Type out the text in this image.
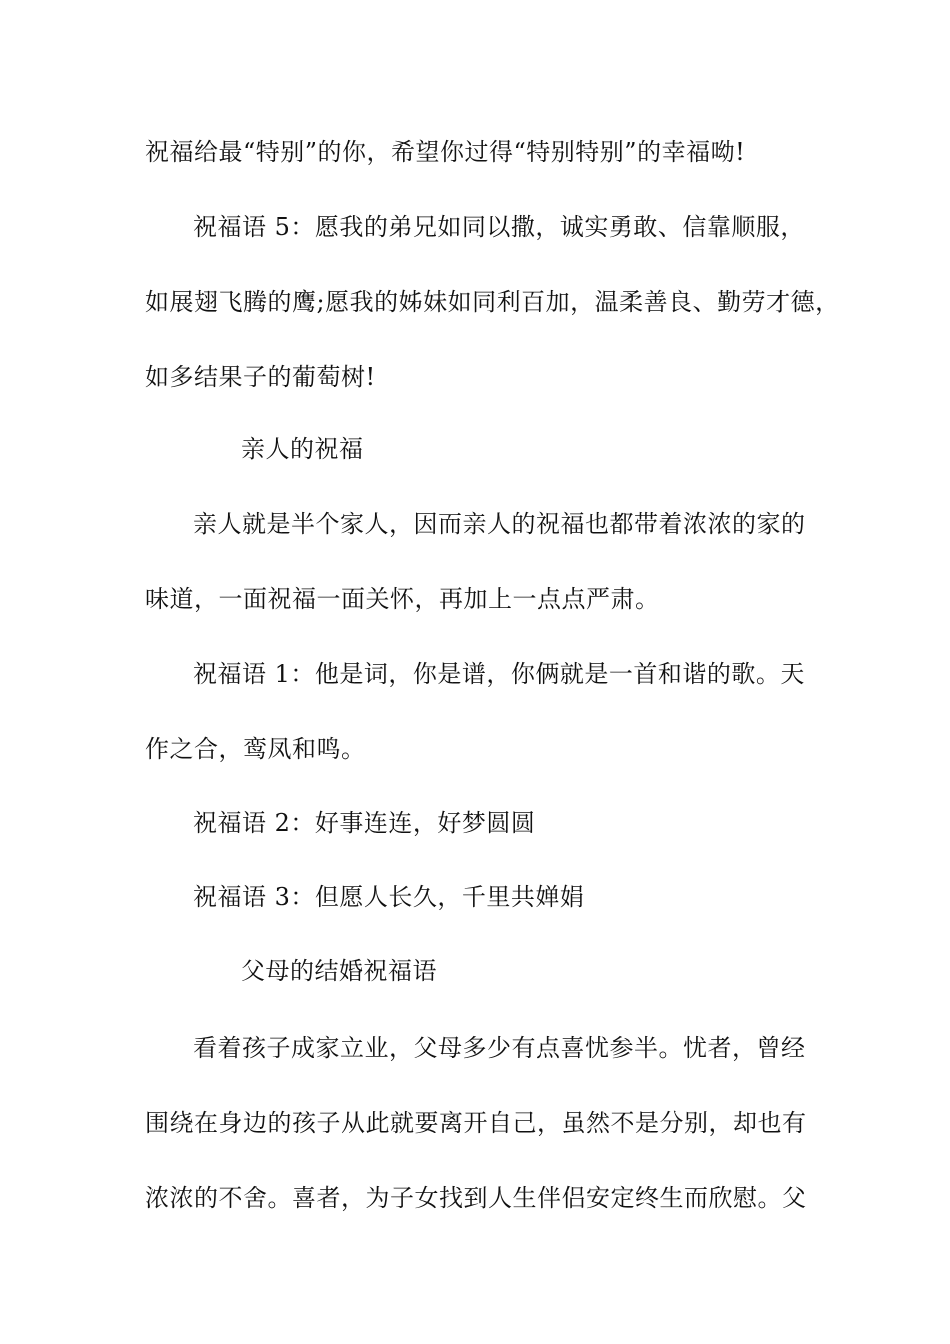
祝福给最“特别”的你，希望你过得“特别特别”的幸福呦!
祝福语 5：愿我的弟兄如同以撒，诚实勇敢、信靠顺服，
如展翅飞腾的鹰;愿我的姊妹如同利百加，温柔善良、勤劳才德，
如多结果子的葡萄树!
亲人的祝福
亲人就是半个家人，因而亲人的祝福也都带着浓浓的家的
味道，一面祝福一面关怀，再加上一点点严肃。
祝福语 1：他是词，你是谱，你俩就是一首和谐的歌。天
作之合，鸾凤和鸣。
祝福语 2：好事连连，好梦圆圆
祝福语 3：但愿人长久，千里共婵娟
父母的结婚祝福语
看着孩子成家立业，父母多少有点喜忧参半。忧者，曾经
围绕在身边的孩子从此就要离开自己，虽然不是分别，却也有
浓浓的不舍。喜者，为子女找到人生伴侣安定终生而欣慰。父
